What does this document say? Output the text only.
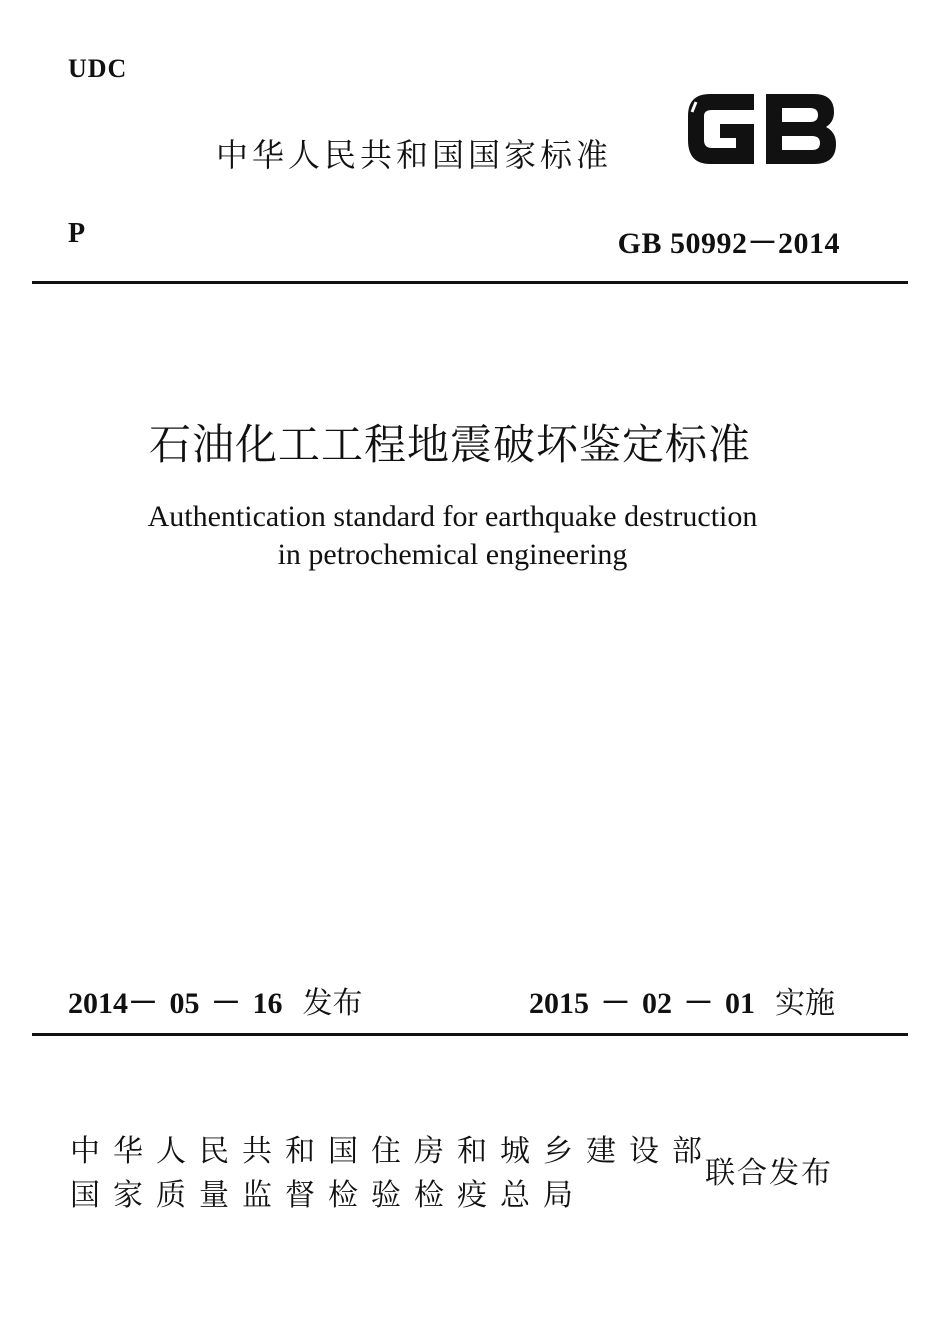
UDC
中华人民共和国国家标准
P	GB 50992－2014
石油化工工程地震破坏鉴定标准
Authentication standard for earthquake destruction
in petrochemical engineering
2014－ 05 － 16 发布	2015 － 02 － 01 实施
中华人民共和国住房和城乡建设部
国家质量监督检验检疫总局
联合发布
